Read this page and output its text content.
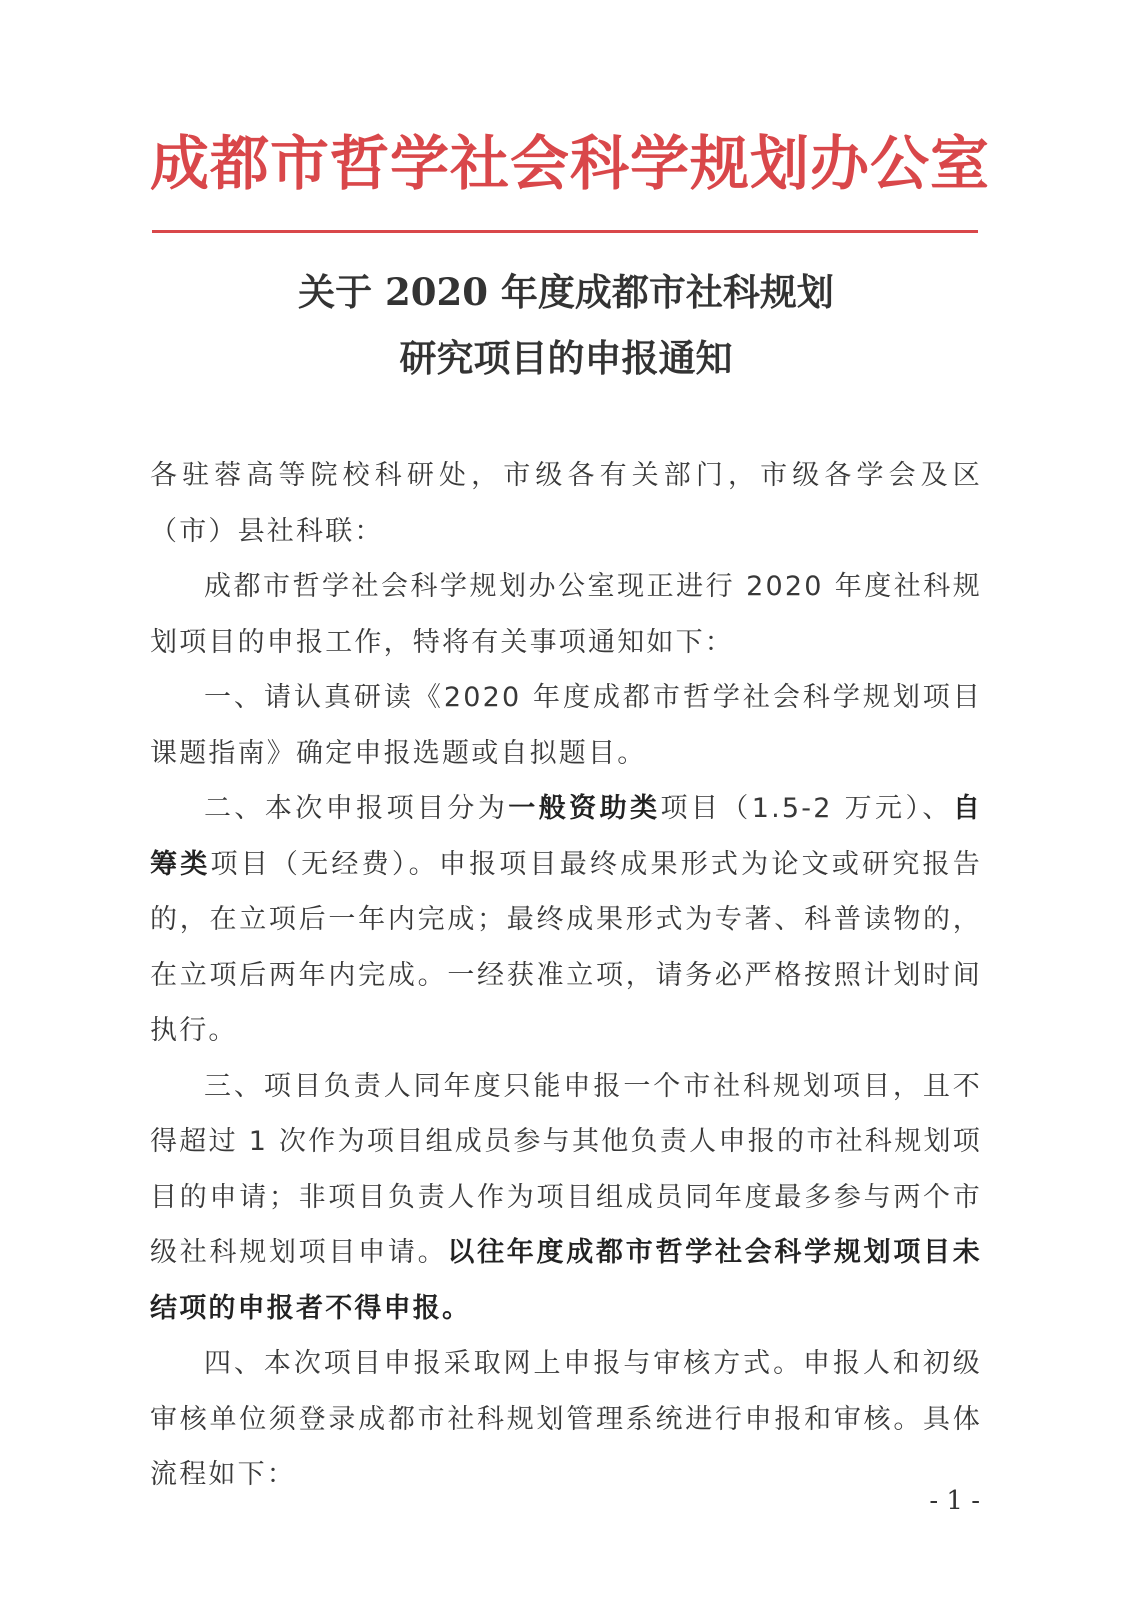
成都市哲学社会科学规划办公室
关于 2020 年度成都市社科规划
研究项目的申报通知

各驻蓉高等院校科研处，市级各有关部门，市级各学会及区（市）县社科联：

成都市哲学社会科学规划办公室现正进行 2020 年度社科规划项目的申报工作，特将有关事项通知如下：

一、请认真研读《2020 年度成都市哲学社会科学规划项目课题指南》确定申报选题或自拟题目。

二、本次申报项目分为一般资助类项目（1.5-2 万元）、自筹类项目（无经费）。申报项目最终成果形式为论文或研究报告的，在立项后一年内完成；最终成果形式为专著、科普读物的，在立项后两年内完成。一经获准立项，请务必严格按照计划时间执行。

三、项目负责人同年度只能申报一个市社科规划项目，且不得超过 1 次作为项目组成员参与其他负责人申报的市社科规划项目的申请；非项目负责人作为项目组成员同年度最多参与两个市级社科规划项目申请。以往年度成都市哲学社会科学规划项目未结项的申报者不得申报。

四、本次项目申报采取网上申报与审核方式。申报人和初级审核单位须登录成都市社科规划管理系统进行申报和审核。具体流程如下：

- 1 -
